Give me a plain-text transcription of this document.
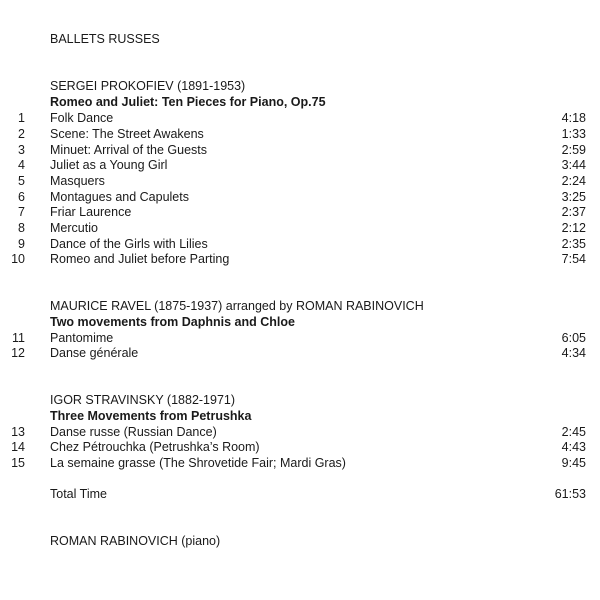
BALLETS RUSSES
SERGEI PROKOFIEV (1891-1953)
Romeo and Juliet: Ten Pieces for Piano, Op.75
1 Folk Dance	4:18
2 Scene: The Street Awakens	1:33
3 Minuet: Arrival of the Guests	2:59
4 Juliet as a Young Girl	3:44
5 Masquers	2:24
6 Montagues and Capulets	3:25
7 Friar Laurence	2:37
8 Mercutio	2:12
9 Dance of the Girls with Lilies	2:35
10 Romeo and Juliet before Parting	7:54
MAURICE RAVEL (1875-1937) arranged by ROMAN RABINOVICH
Two movements from Daphnis and Chloe
11 Pantomime	6:05
12 Danse générale	4:34
IGOR STRAVINSKY (1882-1971)
Three Movements from Petrushka
13 Danse russe (Russian Dance)	2:45
14 Chez Pétrouchka (Petrushka’s Room)	4:43
15 La semaine grasse (The Shrovetide Fair; Mardi Gras)	9:45
Total Time	61:53
ROMAN RABINOVICH (piano)
